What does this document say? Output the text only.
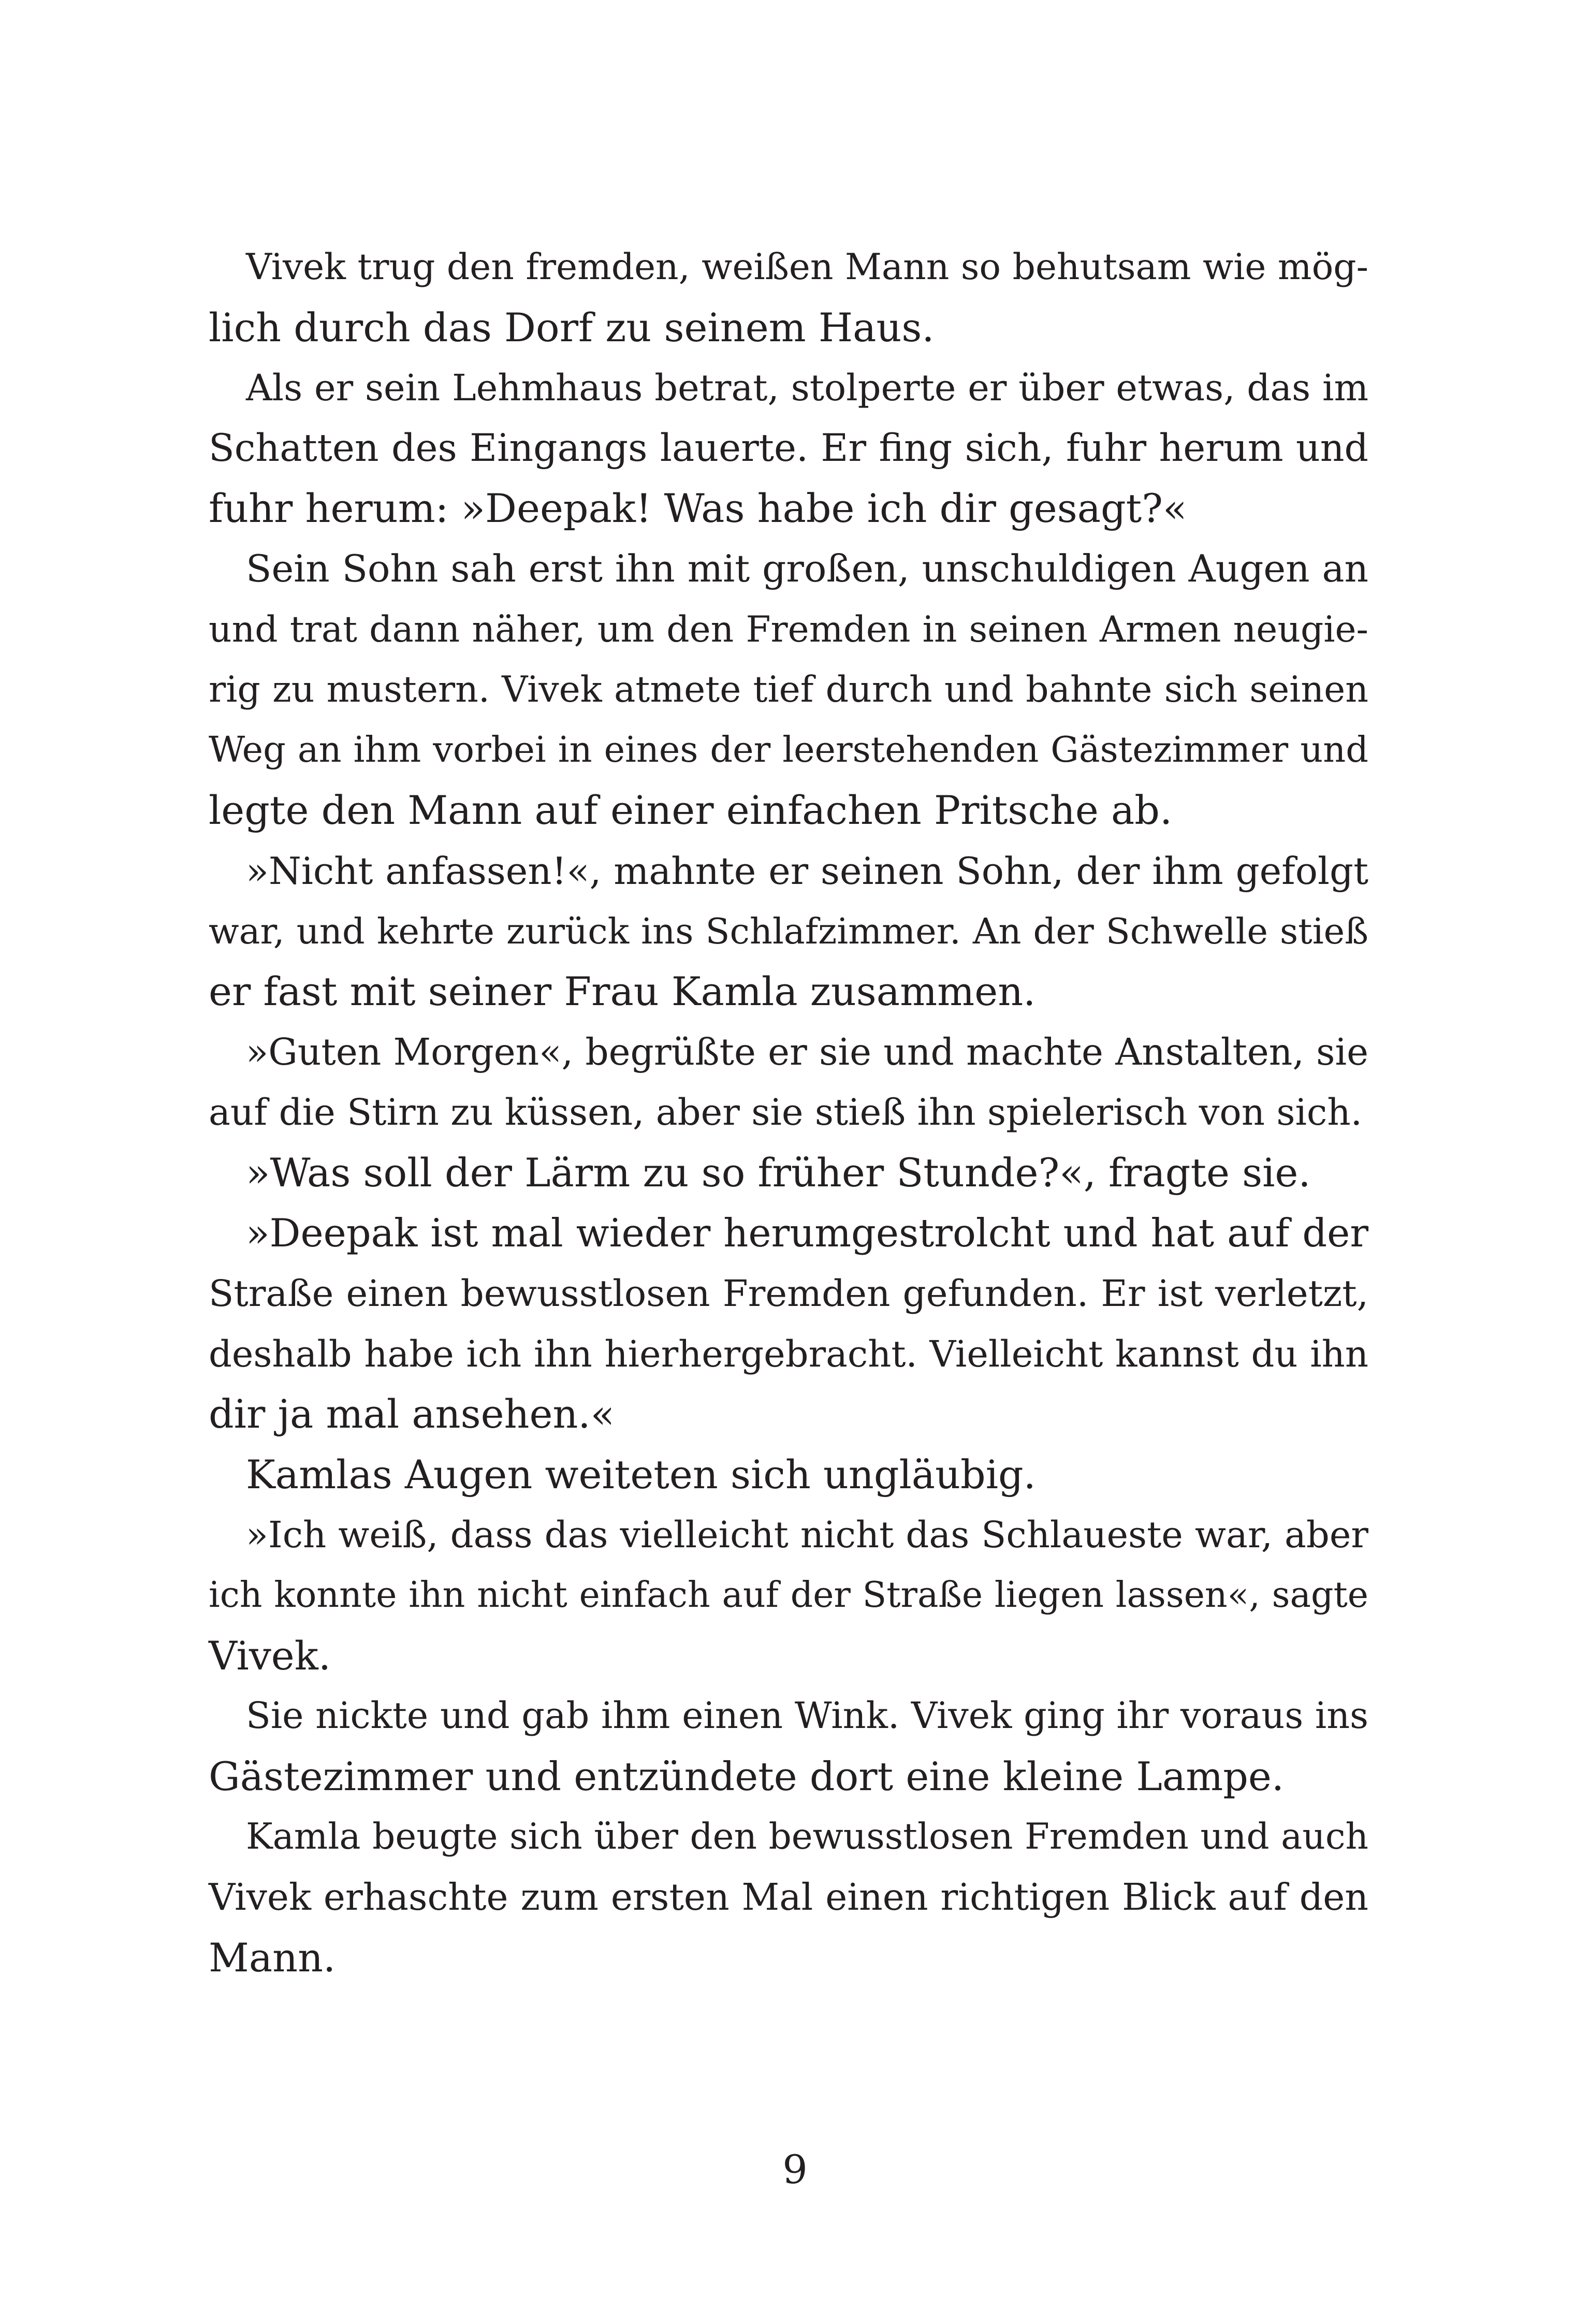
Vivek trug den fremden, weißen Mann so behutsam wie mög-
lich durch das Dorf zu seinem Haus.

Als er sein Lehmhaus betrat, stolperte er über etwas, das im
Schatten des Eingangs lauerte. Er fing sich, fuhr herum und
fuhr herum: »Deepak! Was habe ich dir gesagt?«

Sein Sohn sah erst ihn mit großen, unschuldigen Augen an
und trat dann näher, um den Fremden in seinen Armen neugie-
rig zu mustern. Vivek atmete tief durch und bahnte sich seinen
Weg an ihm vorbei in eines der leerstehenden Gästezimmer und
legte den Mann auf einer einfachen Pritsche ab.

»Nicht anfassen!«, mahnte er seinen Sohn, der ihm gefolgt
war, und kehrte zurück ins Schlafzimmer. An der Schwelle stieß
er fast mit seiner Frau Kamla zusammen.

»Guten Morgen«, begrüßte er sie und machte Anstalten, sie
auf die Stirn zu küssen, aber sie stieß ihn spielerisch von sich.

»Was soll der Lärm zu so früher Stunde?«, fragte sie.

»Deepak ist mal wieder herumgestrolcht und hat auf der
Straße einen bewusstlosen Fremden gefunden. Er ist verletzt,
deshalb habe ich ihn hierhergebracht. Vielleicht kannst du ihn
dir ja mal ansehen.«

Kamlas Augen weiteten sich ungläubig.

»Ich weiß, dass das vielleicht nicht das Schlaueste war, aber
ich konnte ihn nicht einfach auf der Straße liegen lassen«, sagte
Vivek.

Sie nickte und gab ihm einen Wink. Vivek ging ihr voraus ins
Gästezimmer und entzündete dort eine kleine Lampe.

Kamla beugte sich über den bewusstlosen Fremden und auch
Vivek erhaschte zum ersten Mal einen richtigen Blick auf den
Mann.

9
